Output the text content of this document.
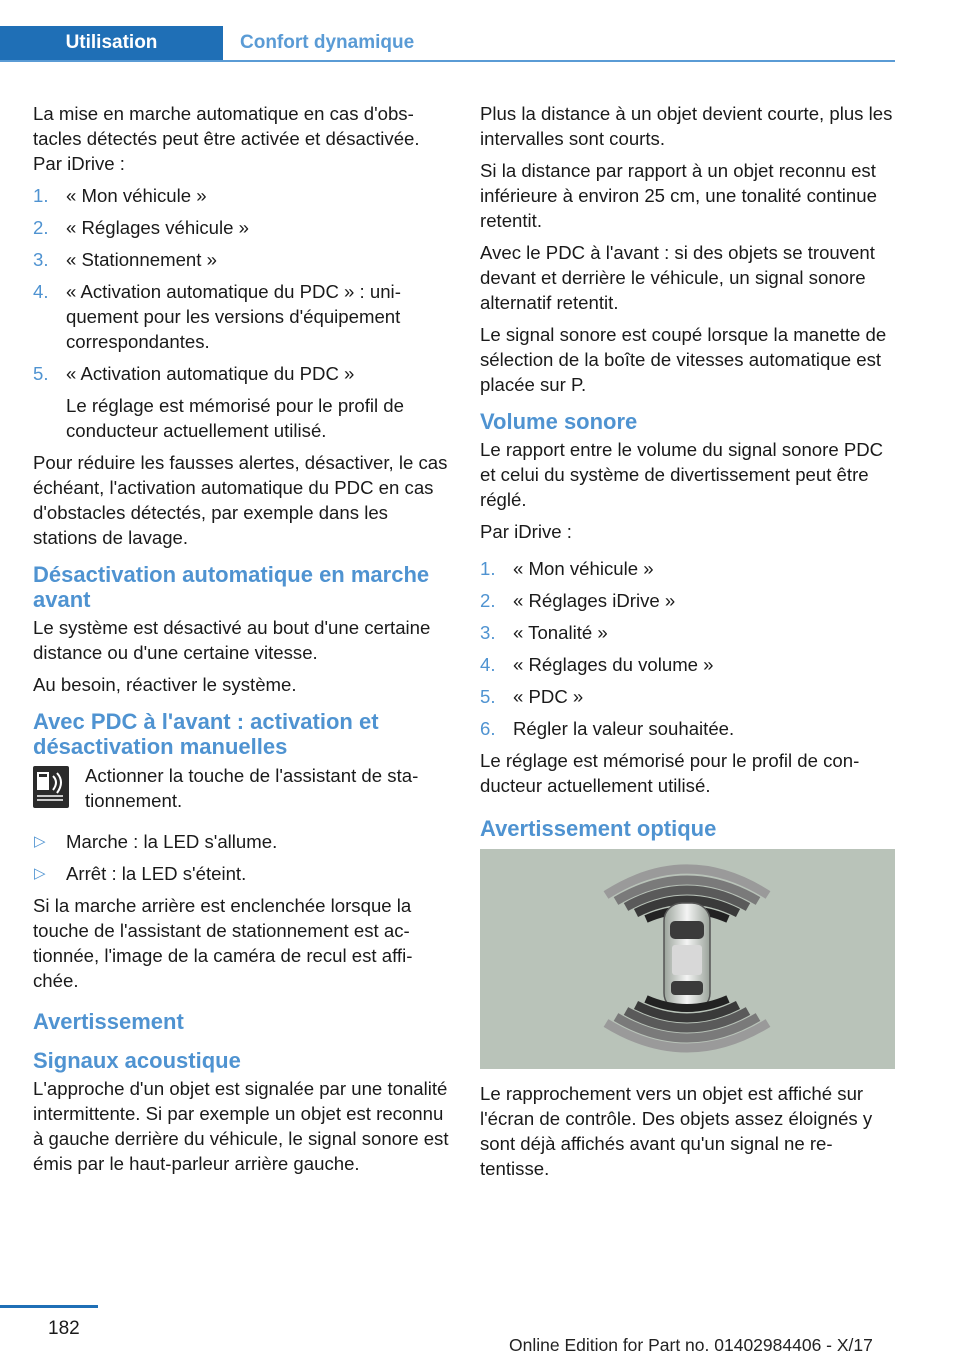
Utilisation	Confort dynamique

La mise en marche automatique en cas d'obstacles détectés peut être activée et désactivée. Par iDrive :

1. « Mon véhicule »
2. « Réglages véhicule »
3. « Stationnement »
4. « Activation automatique du PDC » : uniquement pour les versions d'équipement correspondantes.
5. « Activation automatique du PDC »
Le réglage est mémorisé pour le profil de conducteur actuellement utilisé.

Pour réduire les fausses alertes, désactiver, le cas échéant, l'activation automatique du PDC en cas d'obstacles détectés, par exemple dans les stations de lavage.

Désactivation automatique en marche avant

Le système est désactivé au bout d'une certaine distance ou d'une certaine vitesse.

Au besoin, réactiver le système.

Avec PDC à l'avant : activation et désactivation manuelles
Actionner la touche de l'assistant de stationnement.
▷ Marche : la LED s'allume.
▷ Arrêt : la LED s'éteint.

Si la marche arrière est enclenchée lorsque la touche de l'assistant de stationnement est actionnée, l'image de la caméra de recul est affichée.

Avertissement
Signaux acoustique

L'approche d'un objet est signalée par une tonalité intermittente. Si par exemple un objet est reconnu à gauche derrière du véhicule, le signal sonore est émis par le haut-parleur arrière gauche.

Plus la distance à un objet devient courte, plus les intervalles sont courts.

Si la distance par rapport à un objet reconnu est inférieure à environ 25 cm, une tonalité continue retentit.

Avec le PDC à l'avant : si des objets se trouvent devant et derrière le véhicule, un signal sonore alternatif retentit.

Le signal sonore est coupé lorsque la manette de sélection de la boîte de vitesses automatique est placée sur P.

Volume sonore

Le rapport entre le volume du signal sonore PDC et celui du système de divertissement peut être réglé.

Par iDrive :

1. « Mon véhicule »
2. « Réglages iDrive »
3. « Tonalité »
4. « Réglages du volume »
5. « PDC »
6. Régler la valeur souhaitée.

Le réglage est mémorisé pour le profil de conducteur actuellement utilisé.

Avertissement optique

Le rapprochement vers un objet est affiché sur l'écran de contrôle. Des objets assez éloignés y sont déjà affichés avant qu'un signal ne retentisse.

182
Online Edition for Part no. 01402984406 - X/17
